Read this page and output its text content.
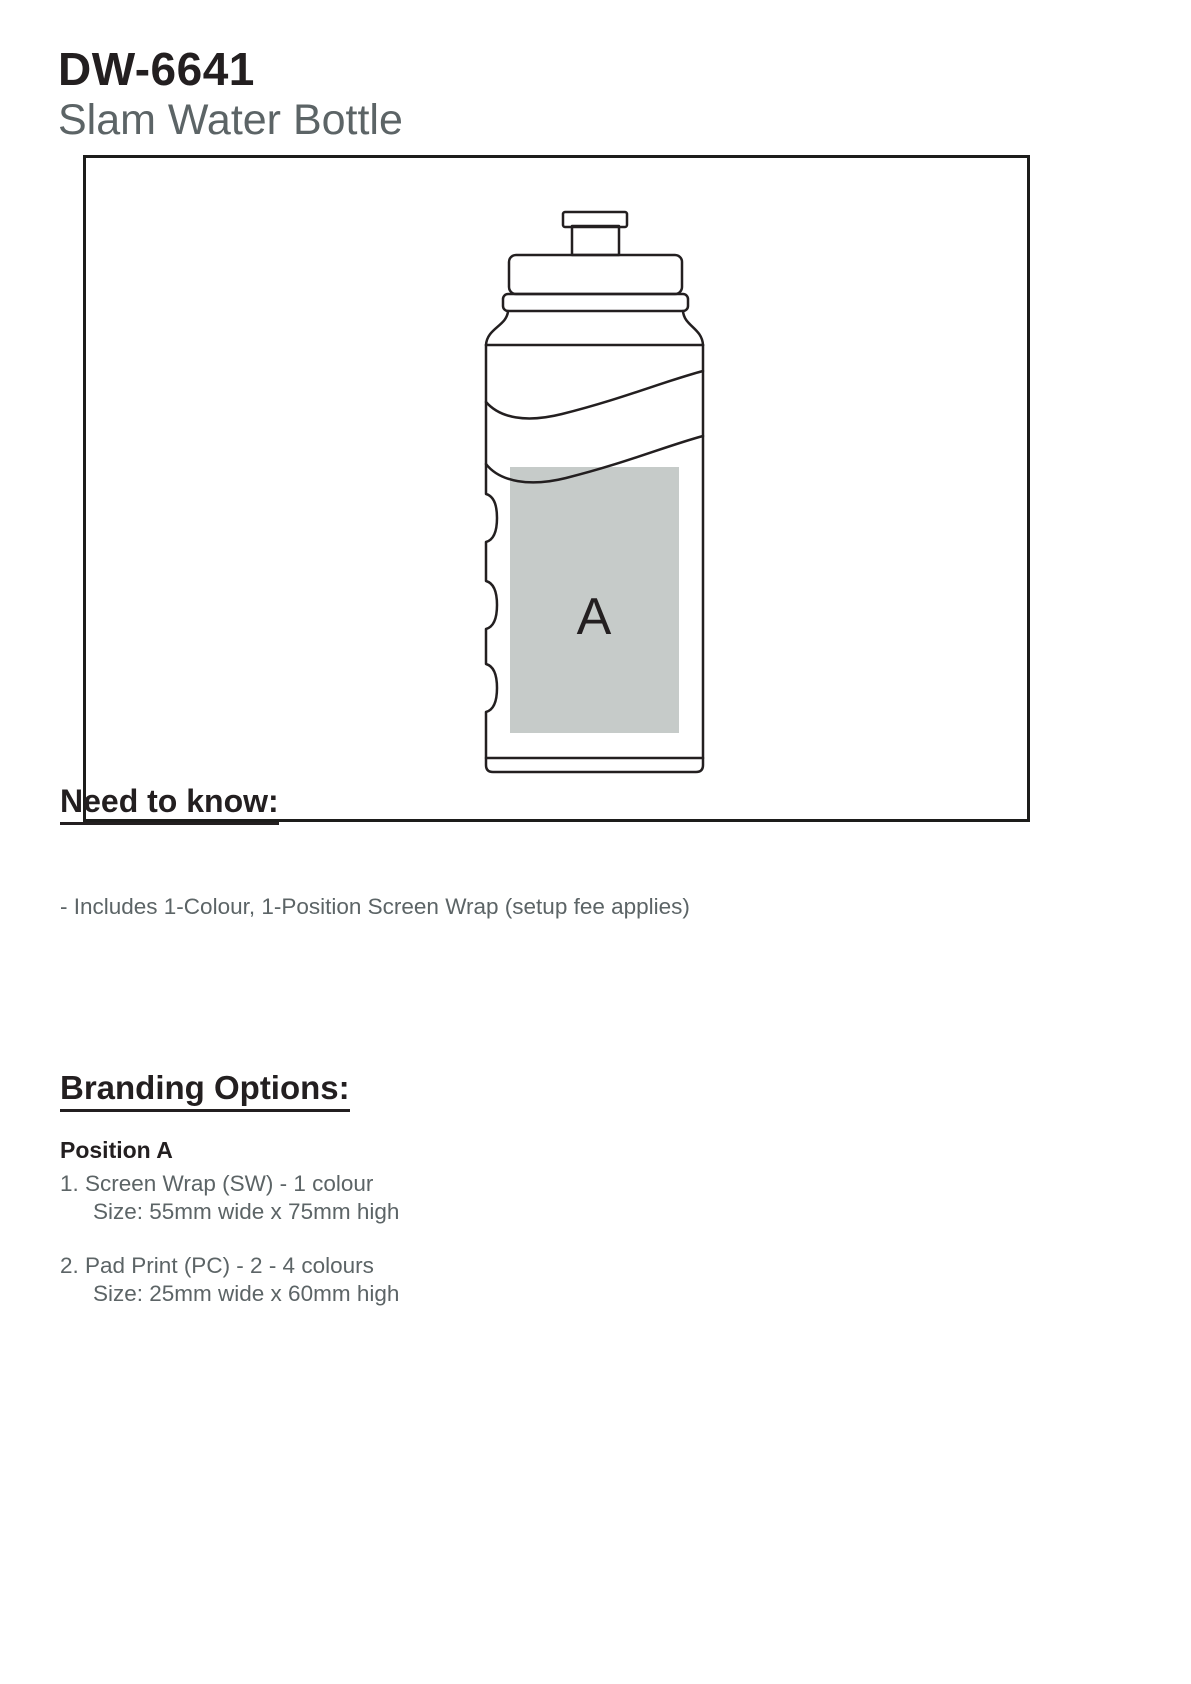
DW-6641
Slam Water Bottle
A
Need to know:
- Includes 1-Colour, 1-Position Screen Wrap (setup fee applies)
Branding Options:
Position A
1. Screen Wrap (SW) - 1 colour
Size: 55mm wide x 75mm high
2. Pad Print (PC) - 2 - 4 colours
Size: 25mm wide x 60mm high
